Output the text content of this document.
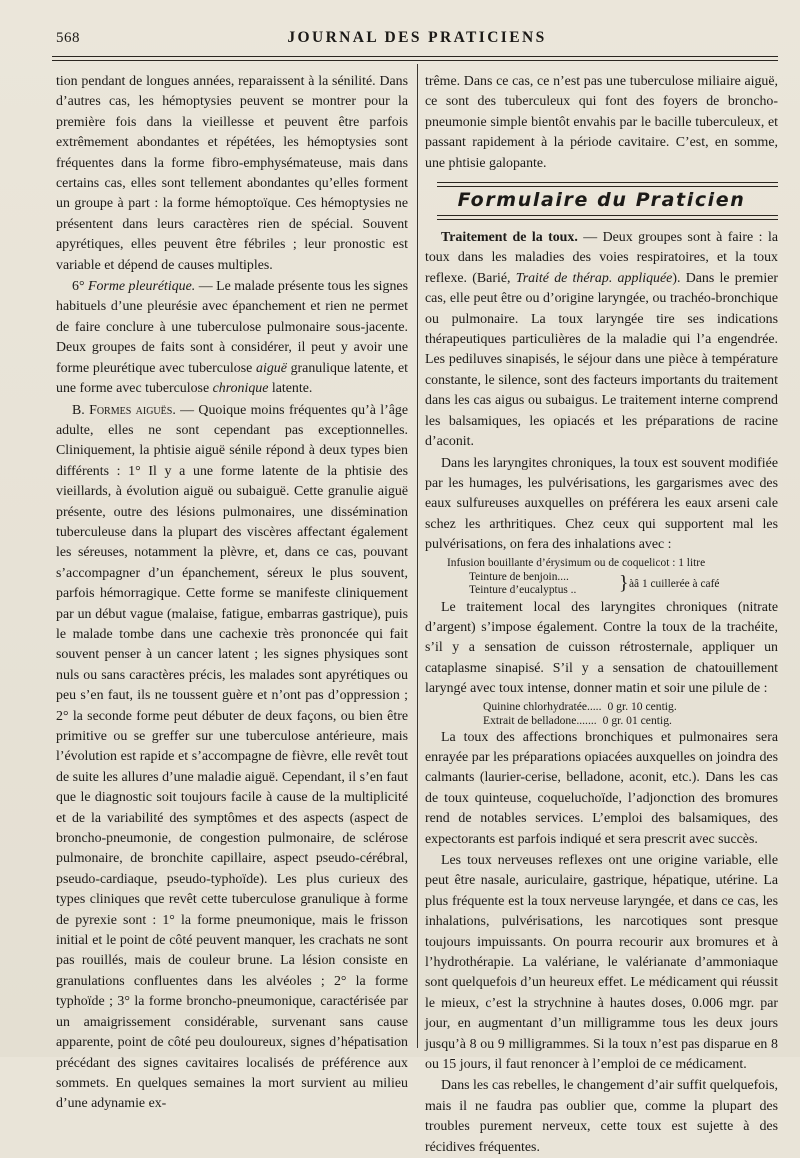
568	JOURNAL DES PRATICIENS

tion pendant de longues années, reparaissent à la sénilité. Dans d’autres cas, les hémoptysies peuvent se montrer pour la première fois dans la vieillesse et peuvent être parfois extrêmement abondantes et répétées, les hémoptysies sont fréquentes dans la forme fibro-emphysémateuse, mais dans certains cas, elles sont tellement abondantes qu’elles forment un groupe à part : la forme hémoptoïque. Ces hémoptysies ne présentent dans leurs caractères rien de spécial. Souvent apyrétiques, elles peuvent être fébriles ; leur pronostic est variable et dépend de causes multiples.

6° Forme pleurétique. — Le malade présente tous les signes habituels d’une pleurésie avec épanchement et rien ne permet de faire conclure à une tuberculose pulmonaire sous-jacente. Deux groupes de faits sont à considérer, il peut y avoir une forme pleurétique avec tuberculose aiguë granulique latente, et une forme avec tuberculose chronique latente.

B. Formes aiguës. — Quoique moins fréquentes qu’à l’âge adulte, elles ne sont cependant pas exceptionnelles. Cliniquement, la phtisie aiguë sénile répond à deux types bien différents : 1° Il y a une forme latente de la phtisie des vieillards, à évolution aiguë ou subaiguë. Cette granulie aiguë présente, outre des lésions pulmonaires, une dissémination tuberculeuse dans la plupart des viscères affectant également les séreuses, notamment la plèvre, et, dans ce cas, pouvant s’accompagner d’un épanchement, séreux le plus souvent, parfois hémorragique. Cette forme se manifeste cliniquement par un début vague (malaise, fatigue, embarras gastrique), puis le malade tombe dans une cachexie très prononcée qui fait souvent penser à un cancer latent ; les signes physiques sont nuls ou sans caractères précis, les malades sont apyrétiques ou peu s’en faut, ils ne toussent guère et n’ont pas d’oppression ; 2° la seconde forme peut débuter de deux façons, ou bien être primitive ou se greffer sur une tuberculose antérieure, mais l’évolution est rapide et s’accompagne de fièvre, elle revêt tout de suite les allures d’une maladie aiguë. Cependant, il s’en faut que le diagnostic soit toujours facile à cause de la multiplicité et de la variabilité des symptômes et des aspects (aspect de broncho-pneumonie, de congestion pulmonaire, de sclérose pulmonaire, de bronchite capillaire, aspect pseudo-cérébral, pseudo-cardiaque, pseudo-typhoïde). Les plus curieux des types cliniques que revêt cette tuberculose granulique à forme de pyrexie sont : 1° la forme pneumonique, mais le frisson initial et le point de côté peuvent manquer, les crachats ne sont pas rouillés, mais de couleur brune. La lésion consiste en granulations confluentes dans les alvéoles ; 2° la forme typhoïde ; 3° la forme broncho-pneumonique, caractérisée par un amaigrissement considérable, survenant sans cause apparente, point de côté peu douloureux, signes d’hépatisation précédant des signes cavitaires localisés de préférence aux sommets. En quelques semaines la mort survient au milieu d’une adynamie ex-

trême. Dans ce cas, ce n’est pas une tuberculose miliaire aiguë, ce sont des tuberculeux qui font des foyers de broncho-pneumonie simple bientôt envahis par le bacille tuberculeux, et passant rapidement à la période cavitaire. C’est, en somme, une phtisie galopante.

Formulaire du Praticien

Traitement de la toux. — Deux groupes sont à faire : la toux dans les maladies des voies respiratoires, et la toux reflexe. (Barié, Traité de thérap. appliquée). Dans le premier cas, elle peut être ou d’origine laryngée, ou trachéo-bronchique ou pulmonaire. La toux laryngée tire ses indications thérapeutiques particulières de la maladie qui l’a engendrée. Les pediluves sinapisés, le séjour dans une pièce à température constante, le silence, sont des facteurs importants du traitement dans les cas aigus ou subaigus. Le traitement interne comprend les balsamiques, les opiacés et les préparations de racine d’aconit.

Dans les laryngites chroniques, la toux est souvent modifiée par les humages, les pulvérisations, les gargarismes avec des eaux sulfureuses auxquelles on préférera les eaux arseni cale schez les arthritiques. Chez ceux qui supportent mal les pulvérisations, on fera des inhalations avec :

Infusion bouillante d’érysimum ou de coquelicot : 1 litre
Teinture de benjoin....
Teinture d’eucalyptus .. } àâ 1 cuillerée à café

Le traitement local des laryngites chroniques (nitrate d’argent) s’impose également. Contre la toux de la trachéite, s’il y a sensation de cuisson rétrosternale, appliquer un cataplasme sinapisé. S’il y a sensation de chatouillement laryngé avec toux intense, donner matin et soir une pilule de :

Quinine chlorhydratée..... 0 gr. 10 centig.
Extrait de belladone....... 0 gr. 01 centig.

La toux des affections bronchiques et pulmonaires sera enrayée par les préparations opiacées auxquelles on joindra des calmants (laurier-cerise, belladone, aconit, etc.). Dans les cas de toux quinteuse, coqueluchoïde, l’adjonction des bromures rend de notables services. L’emploi des balsamiques, des expectorants est parfois indiqué et sera prescrit avec succès.

Les toux nerveuses reflexes ont une origine variable, elle peut être nasale, auriculaire, gastrique, hépatique, utérine. La plus fréquente est la toux nerveuse laryngée, et dans ce cas, les inhalations, pulvérisations, les narcotiques sont presque toujours impuissants. On pourra recourir aux bromures et à l’hydrothérapie. La valériane, le valérianate d’ammoniaque sont quelquefois d’un heureux effet. Le médicament qui réussit le mieux, c’est la strychnine à hautes doses, 0.006 mgr. par jour, en augmentant d’un milligramme tous les deux jours jusqu’à 8 ou 9 milligrammes. Si la toux n’est pas disparue en 8 ou 15 jours, il faut renoncer à l’emploi de ce médicament.

Dans les cas rebelles, le changement d’air suffit quelquefois, mais il ne faudra pas oublier que, comme la plupart des troubles purement nerveux, cette toux est sujette à des récidives fréquentes.
